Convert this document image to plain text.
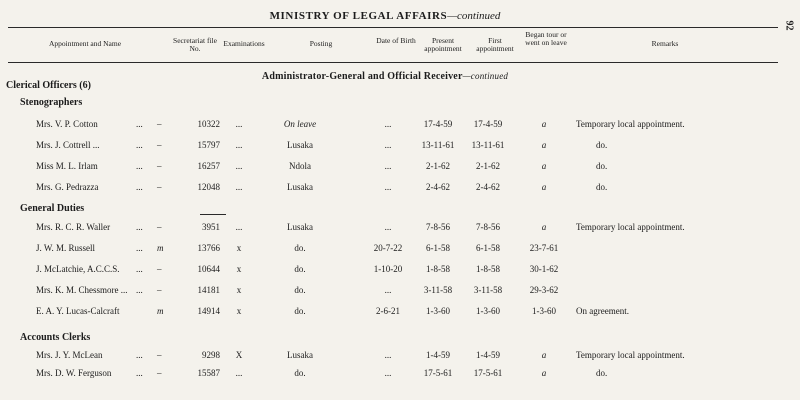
MINISTRY OF LEGAL AFFAIRS—continued
92
Appointment and Name	Secretariat file No.
Examinations	Posting	Date of Birth	Present appointment
First appointment
Began tour or went on leave	Remarks
Administrator-General and Official Receiver—continued
Clerical Officers (6)
Stenographers
Mrs. V. P. Cotton	... –	10322	...	On leave	...	17-4-59	17-4-59	a	Temporary local appointment.
Mrs. J. Cottrell ...	... –	15797	...	Lusaka	...	13-11-61	13-11-61	a	do.
Miss M. L. Irlam	... –	16257	...	Ndola	...	2-1-62	2-1-62	a	do.
Mrs. G. Pedrazza	... –	12048	...	Lusaka	...	2-4-62	2-4-62	a	do.
General Duties
Mrs. R. C. R. Waller	... –	3951	...	Lusaka	...	7-8-56	7-8-56	a	Temporary local appointment.
J. W. M. Russell	... m	13766	x	do.	20-7-22	6-1-58	6-1-58	23-7-61
J. McLatchie, A.C.C.S. ... –	10644	x	do.	1-10-20	1-8-58	1-8-58	30-1-62
Mrs. K. M. Chessmore ... ... –	14181	x	do.	...	3-11-58	3-11-58	29-3-62
E. A. Y. Lucas-Calcraft	m	14914	x	do.	2-6-21	1-3-60	1-3-60	1-3-60	On agreement.
Accounts Clerks
Mrs. J. Y. McLean	... –	9298	X	Lusaka	...	1-4-59	1-4-59	a	Temporary local appointment.
Mrs. D. W. Ferguson	... –	15587	...	do.	...	17-5-61	17-5-61	a	do.
